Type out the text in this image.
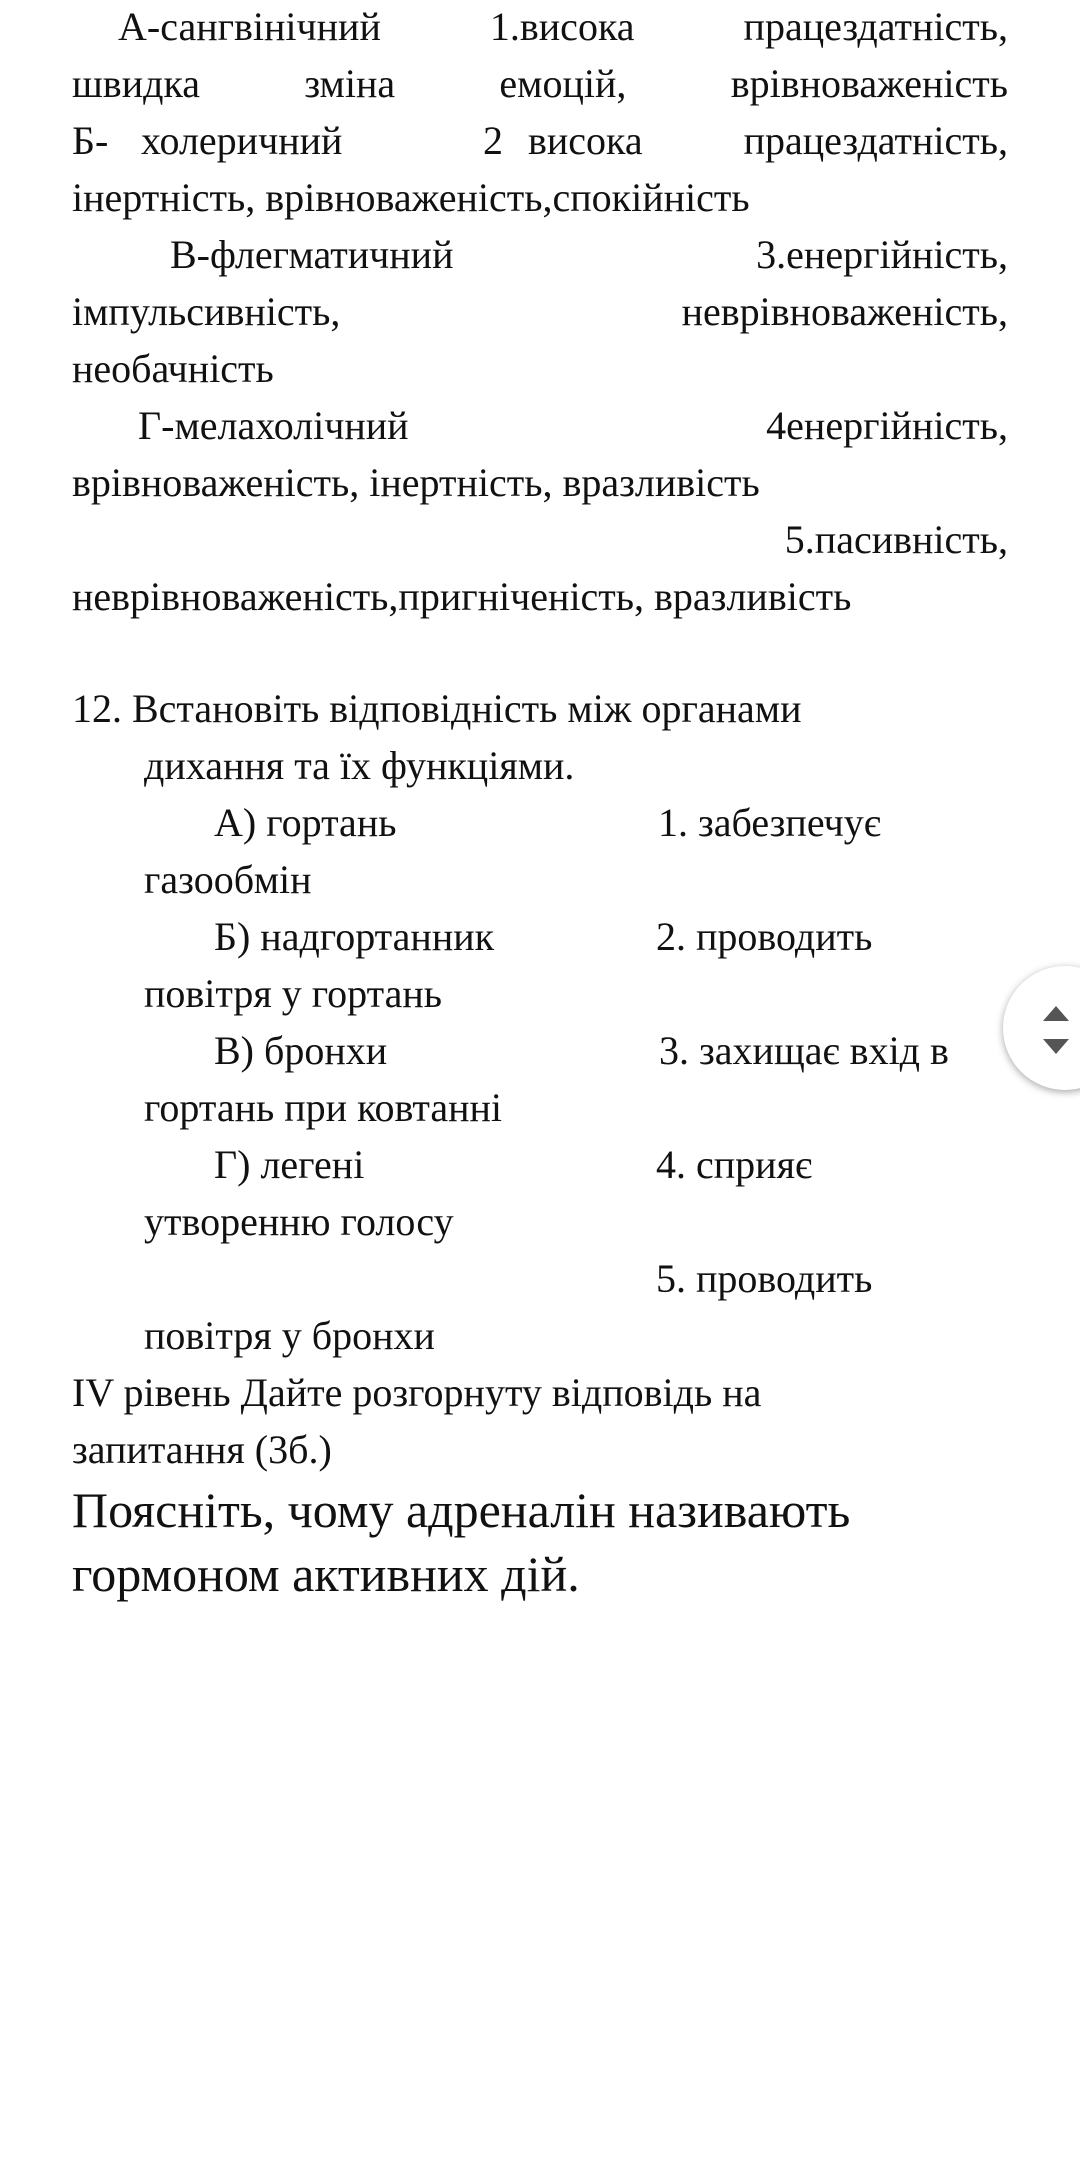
А-сангвінічний	1.висока	працездатність,
швидка	зміна	емоцій,	врівноваженість
Б- холеричний	2 висока	працездатність,
інертність, врівноваженість,спокійність
В-флегматичний	3.енергійність,
імпульсивність,	неврівноваженість,
необачність
Г-мелахолічний	4енергійність,
врівноваженість, інертність, вразливість
5.пасивність,
неврівноваженість,пригніченість, вразливість
12. Встановіть відповідність між органами
дихання та їх функціями.
А) гортань	1. забезпечує
газообмін
Б) надгортанник	2. проводить
повітря у гортань
В) бронхи	3. захищає вхід в
гортань при ковтанні
Г) легені	4. сприяє
утворенню голосу
5. проводить
повітря у бронхи
IV рівень Дайте розгорнуту відповідь на
запитання (3б.)
Поясніть, чому адреналін називають
гормоном активних дій.
